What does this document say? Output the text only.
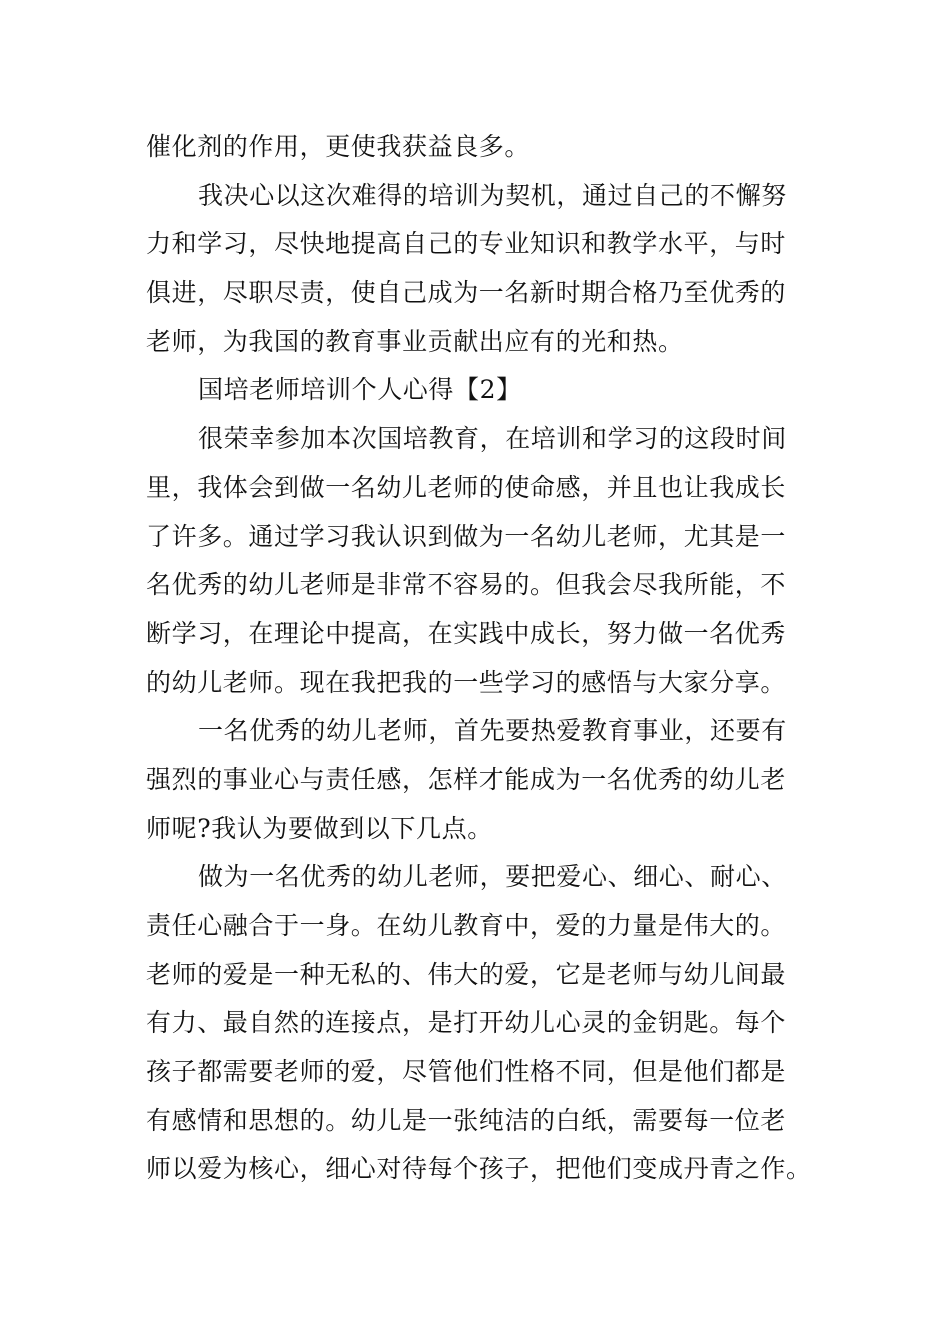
催化剂的作用，更使我获益良多。
我决心以这次难得的培训为契机，通过自己的不懈努
力和学习，尽快地提高自己的专业知识和教学水平，与时
俱进，尽职尽责，使自己成为一名新时期合格乃至优秀的
老师，为我国的教育事业贡献出应有的光和热。
国培老师培训个人心得【2】
很荣幸参加本次国培教育，在培训和学习的这段时间
里，我体会到做一名幼儿老师的使命感，并且也让我成长
了许多。通过学习我认识到做为一名幼儿老师，尤其是一
名优秀的幼儿老师是非常不容易的。但我会尽我所能，不
断学习，在理论中提高，在实践中成长，努力做一名优秀
的幼儿老师。现在我把我的一些学习的感悟与大家分享。
一名优秀的幼儿老师，首先要热爱教育事业，还要有
强烈的事业心与责任感，怎样才能成为一名优秀的幼儿老
师呢?我认为要做到以下几点。
做为一名优秀的幼儿老师，要把爱心、细心、耐心、
责任心融合于一身。在幼儿教育中，爱的力量是伟大的。
老师的爱是一种无私的、伟大的爱，它是老师与幼儿间最
有力、最自然的连接点，是打开幼儿心灵的金钥匙。每个
孩子都需要老师的爱，尽管他们性格不同，但是他们都是
有感情和思想的。幼儿是一张纯洁的白纸，需要每一位老
师以爱为核心，细心对待每个孩子，把他们变成丹青之作。
